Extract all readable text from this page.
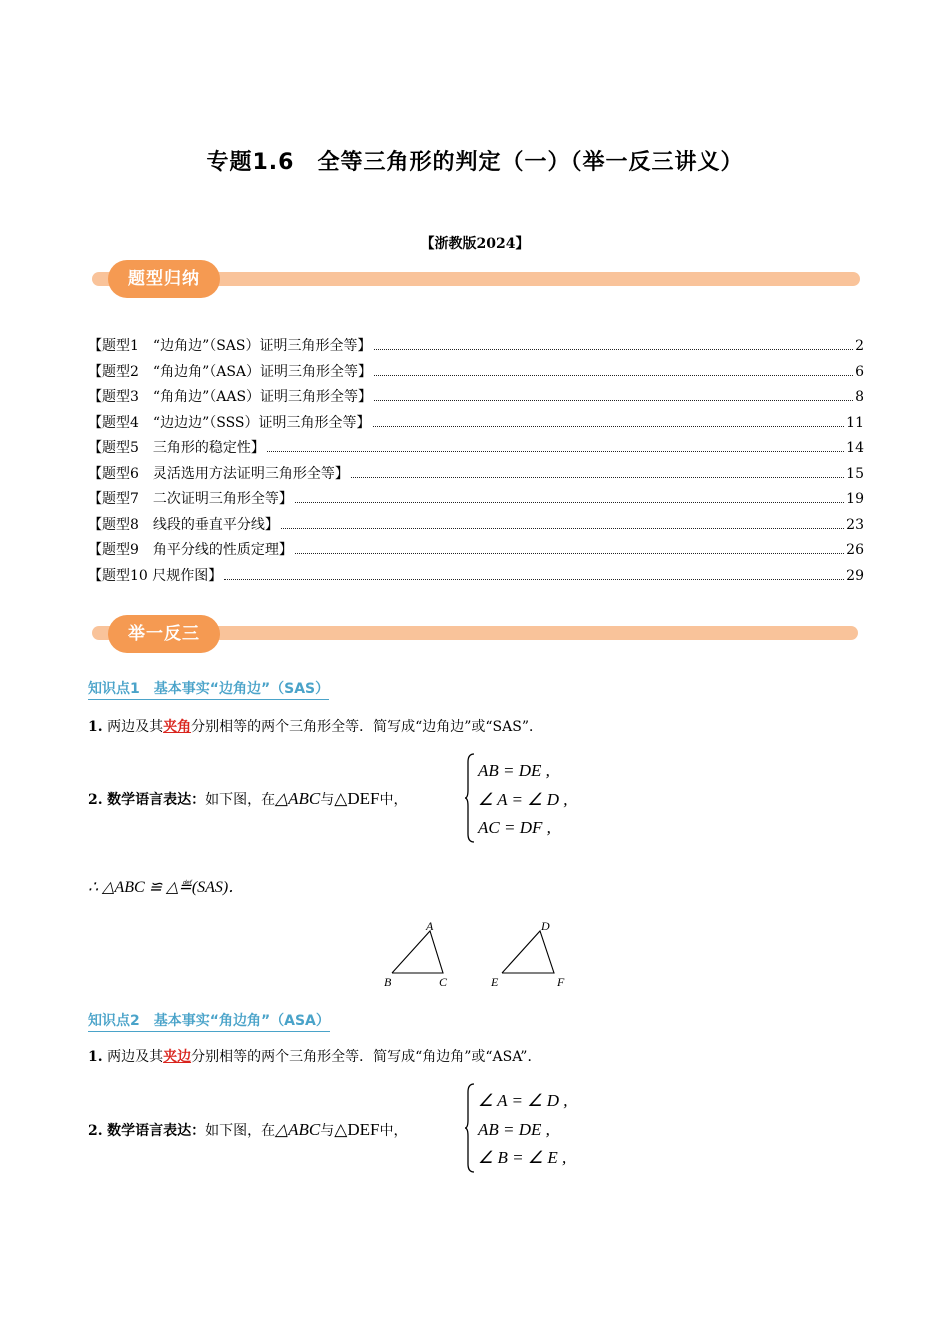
专题1.6　全等三角形的判定（一）（举一反三讲义）
【浙教版2024】
题型归纳
【题型1　“边角边”（SAS）证明三角形全等】	2
【题型2　“角边角”（ASA）证明三角形全等】	6
【题型3　“角角边”（AAS）证明三角形全等】	8
【题型4　“边边边”（SSS）证明三角形全等】	11
【题型5　三角形的稳定性】	14
【题型6　灵活选用方法证明三角形全等】	15
【题型7　二次证明三角形全等】	19
【题型8　线段的垂直平分线】	23
【题型9　角平分线的性质定理】	26
【题型10 尺规作图】	29
举一反三
知识点1　基本事实“边角边”（SAS）
1. 两边及其夹角分别相等的两个三角形全等．简写成“边角边”或“SAS”．
2. 数学语言表达：如下图，在△ABC与△DEF中，
AB = DE ,
∠ A = ∠ D ,
AC = DF ,
∴ △ABC ≌ △≝(SAS)．
A
B	C
D
E	F
知识点2　基本事实“角边角”（ASA）
1. 两边及其夹边分别相等的两个三角形全等．简写成“角边角”或“ASA”．
2. 数学语言表达：如下图，在△ABC与△DEF中，
∠ A = ∠ D ,
AB = DE ,
∠ B = ∠ E ,
